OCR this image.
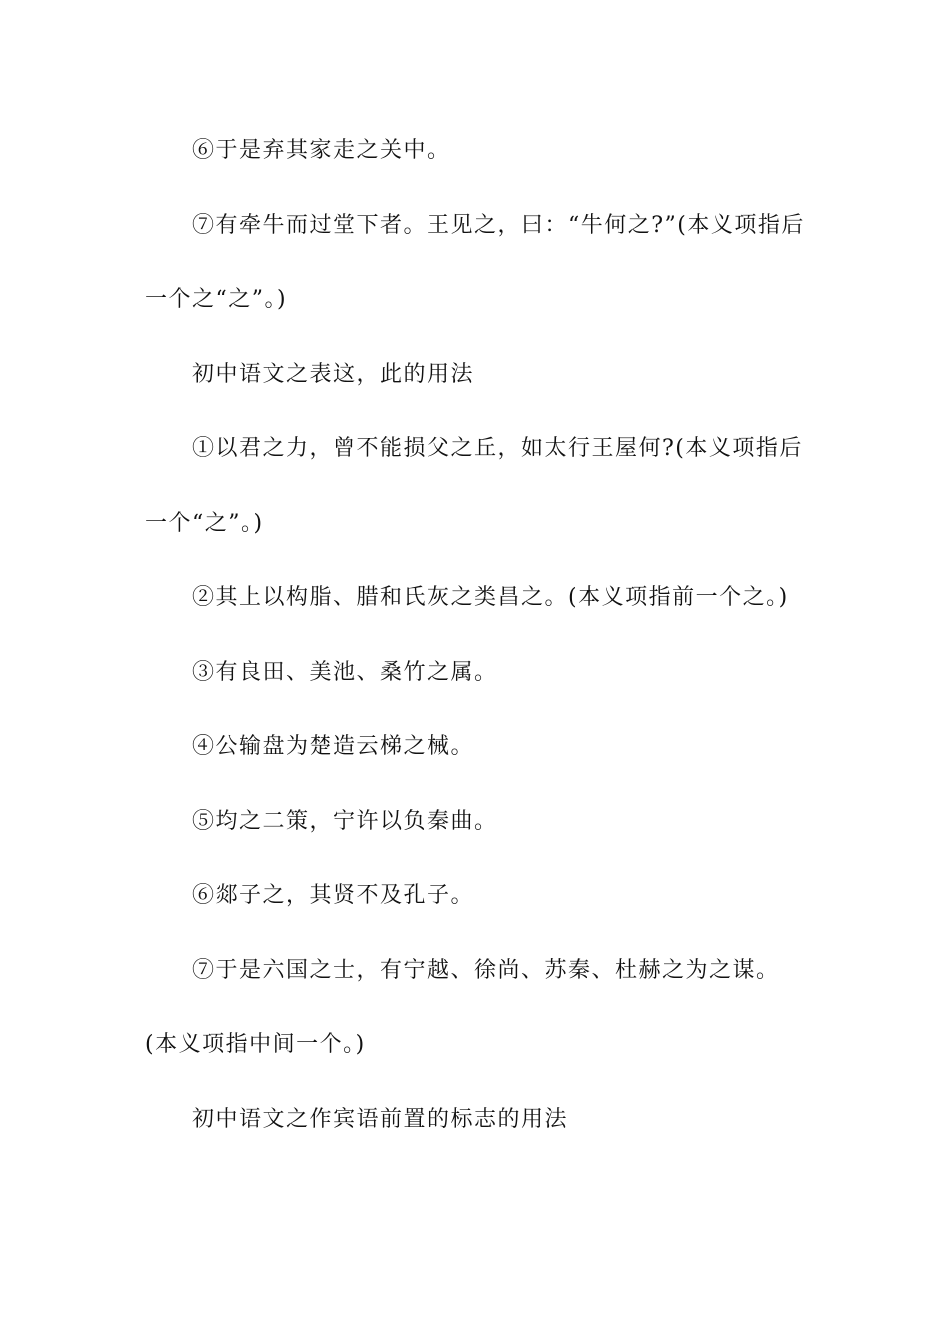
⑥于是弃其家走之关中。

⑦有牵牛而过堂下者。王见之，曰：“牛何之?”(本义项指后一个之“之”。)

初中语文之表这，此的用法

①以君之力，曾不能损父之丘，如太行王屋何?(本义项指后一个“之”。)

②其上以构脂、腊和氏灰之类昌之。(本义项指前一个之。)

③有良田、美池、桑竹之属。

④公输盘为楚造云梯之械。

⑤均之二策，宁许以负秦曲。

⑥郯子之，其贤不及孔子。

⑦于是六国之士，有宁越、徐尚、苏秦、杜赫之为之谋。(本义项指中间一个。)

初中语文之作宾语前置的标志的用法
